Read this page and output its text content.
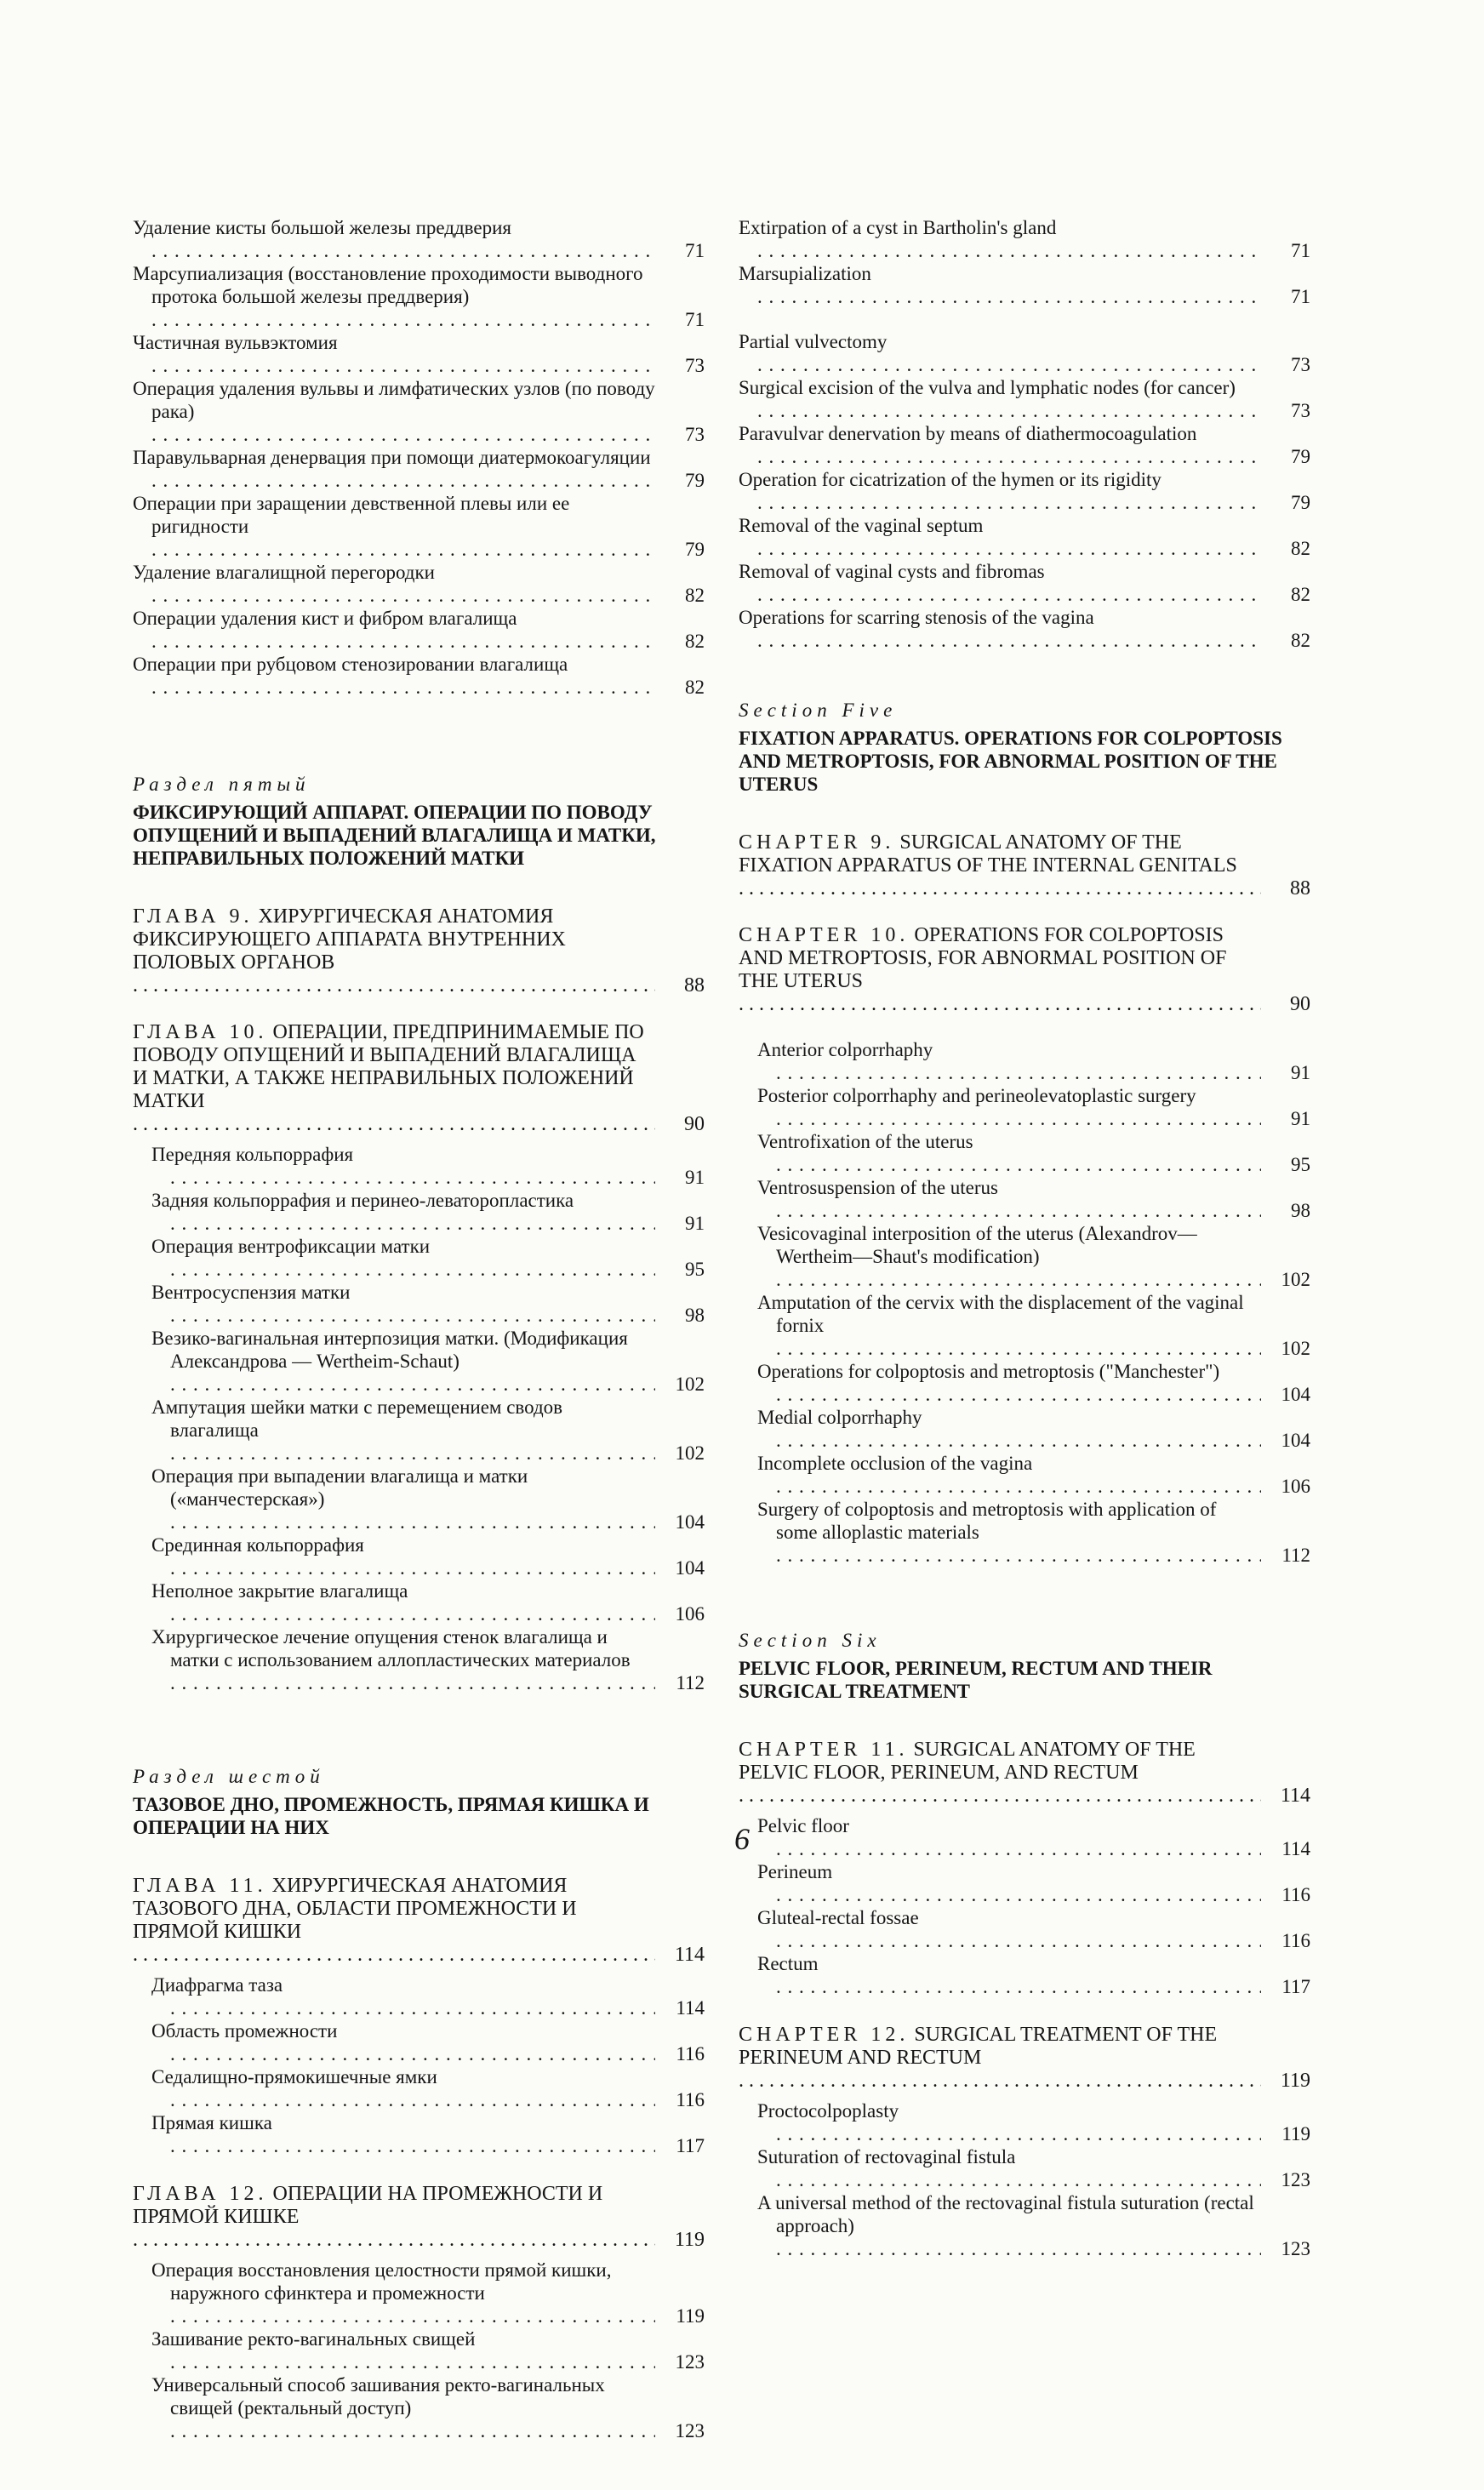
Удаление кисты большой железы преддверия . . .
71
Марсупиализация (восстановление проходимости выводного протока большой железы преддверия) . . .
71
Частичная вульвэктомия . . .
73
Операция удаления вульвы и лимфатических узлов (по поводу рака) . . .
73
Паравульварная денервация при помощи диатермокоагуляции . . .
79
Операции при заращении девственной плевы или ее ригидности . . .
79
Удаление влагалищной перегородки . . .
82
Операции удаления кист и фибром влагалища . . .
82
Операции при рубцовом стенозировании влагалища . . .
82
Раздел пятый
ФИКСИРУЮЩИЙ АППАРАТ. ОПЕРАЦИИ ПО ПОВОДУ ОПУЩЕНИЙ И ВЫПАДЕНИЙ ВЛАГАЛИЩА И МАТКИ, НЕПРАВИЛЬНЫХ ПОЛОЖЕНИЙ МАТКИ
ГЛАВА 9. ХИРУРГИЧЕСКАЯ АНАТОМИЯ ФИКСИРУЮЩЕГО АППАРАТА ВНУТРЕННИХ ПОЛОВЫХ ОРГАНОВ . . .
88
ГЛАВА 10. ОПЕРАЦИИ, ПРЕДПРИНИМАЕМЫЕ ПО ПОВОДУ ОПУЩЕНИЙ И ВЫПАДЕНИЙ ВЛАГАЛИЩА И МАТКИ, А ТАКЖЕ НЕПРАВИЛЬНЫХ ПОЛОЖЕНИЙ МАТКИ . . .
90
Передняя кольпоррафия . . .
91
Задняя кольпоррафия и перинео-леваторопластика . . .
91
Операция вентрофиксации матки . . .
95
Вентросуспензия матки . . .
98
Везико-вагинальная интерпозиция матки. (Модификация Александрова — Wertheim-Schaut) . . .
102
Ампутация шейки матки с перемещением сводов влагалища . . .
102
Операция при выпадении влагалища и матки («манчестерская») . . .
104
Срединная кольпоррафия . . .
104
Неполное закрытие влагалища . . .
106
Хирургическое лечение опущения стенок влагалища и матки с использованием аллопластических материалов . . .
112
Раздел шестой
ТАЗОВОЕ ДНО, ПРОМЕЖНОСТЬ, ПРЯМАЯ КИШКА И ОПЕРАЦИИ НА НИХ
ГЛАВА 11. ХИРУРГИЧЕСКАЯ АНАТОМИЯ ТАЗОВОГО ДНА, ОБЛАСТИ ПРОМЕЖНОСТИ И ПРЯМОЙ КИШКИ . . .
114
Диафрагма таза . . .
114
Область промежности . . .
116
Седалищно-прямокишечные ямки . . .
116
Прямая кишка . . .
117
ГЛАВА 12. ОПЕРАЦИИ НА ПРОМЕЖНОСТИ И ПРЯМОЙ КИШКЕ . . .
119
Операция восстановления целостности прямой кишки, наружного сфинктера и промежности . . .
119
Зашивание ректо-вагинальных свищей . . .
123
Универсальный способ зашивания ректо-вагинальных свищей (ректальный доступ) . . .
123
Extirpation of a cyst in Bartholin's gland . . .
71
Marsupialization . . .
71
Partial vulvectomy . . .
73
Surgical excision of the vulva and lymphatic nodes (for cancer) . . .
73
Paravulvar denervation by means of diathermocoagulation . . .
79
Operation for cicatrization of the hymen or its rigidity . . .
79
Removal of the vaginal septum . . .
82
Removal of vaginal cysts and fibromas . . .
82
Operations for scarring stenosis of the vagina . . .
82
Section Five
FIXATION APPARATUS. OPERATIONS FOR COLPOPTOSIS AND METROPTOSIS, FOR ABNORMAL POSITION OF THE UTERUS
CHAPTER 9. SURGICAL ANATOMY OF THE FIXATION APPARATUS OF THE INTERNAL GENITALS . . .
88
CHAPTER 10. OPERATIONS FOR COLPOPTOSIS AND METROPTOSIS, FOR ABNORMAL POSITION OF THE UTERUS . . .
90
Anterior colporrhaphy . . .
91
Posterior colporrhaphy and perineolevatoplastic surgery . . .
91
Ventrofixation of the uterus . . .
95
Ventrosuspension of the uterus . . .
98
Vesicovaginal interposition of the uterus (Alexandrov—Wertheim—Shaut's modification) . . .
102
Amputation of the cervix with the displacement of the vaginal fornix . . .
102
Operations for colpoptosis and metroptosis ("Manchester") . . .
104
Medial colporrhaphy . . .
104
Incomplete occlusion of the vagina . . .
106
Surgery of colpoptosis and metroptosis with application of some alloplastic materials . . .
112
Section Six
PELVIC FLOOR, PERINEUM, RECTUM AND THEIR SURGICAL TREATMENT
CHAPTER 11. SURGICAL ANATOMY OF THE PELVIC FLOOR, PERINEUM, AND RECTUM . . .
114
Pelvic floor . . .
114
Perineum . . .
116
Gluteal-rectal fossae . . .
116
Rectum . . .
117
CHAPTER 12. SURGICAL TREATMENT OF THE PERINEUM AND RECTUM . . .
119
Proctocolpoplasty . . .
119
Suturation of rectovaginal fistula . . .
123
A universal method of the rectovaginal fistula suturation (rectal approach) . . .
123
6
